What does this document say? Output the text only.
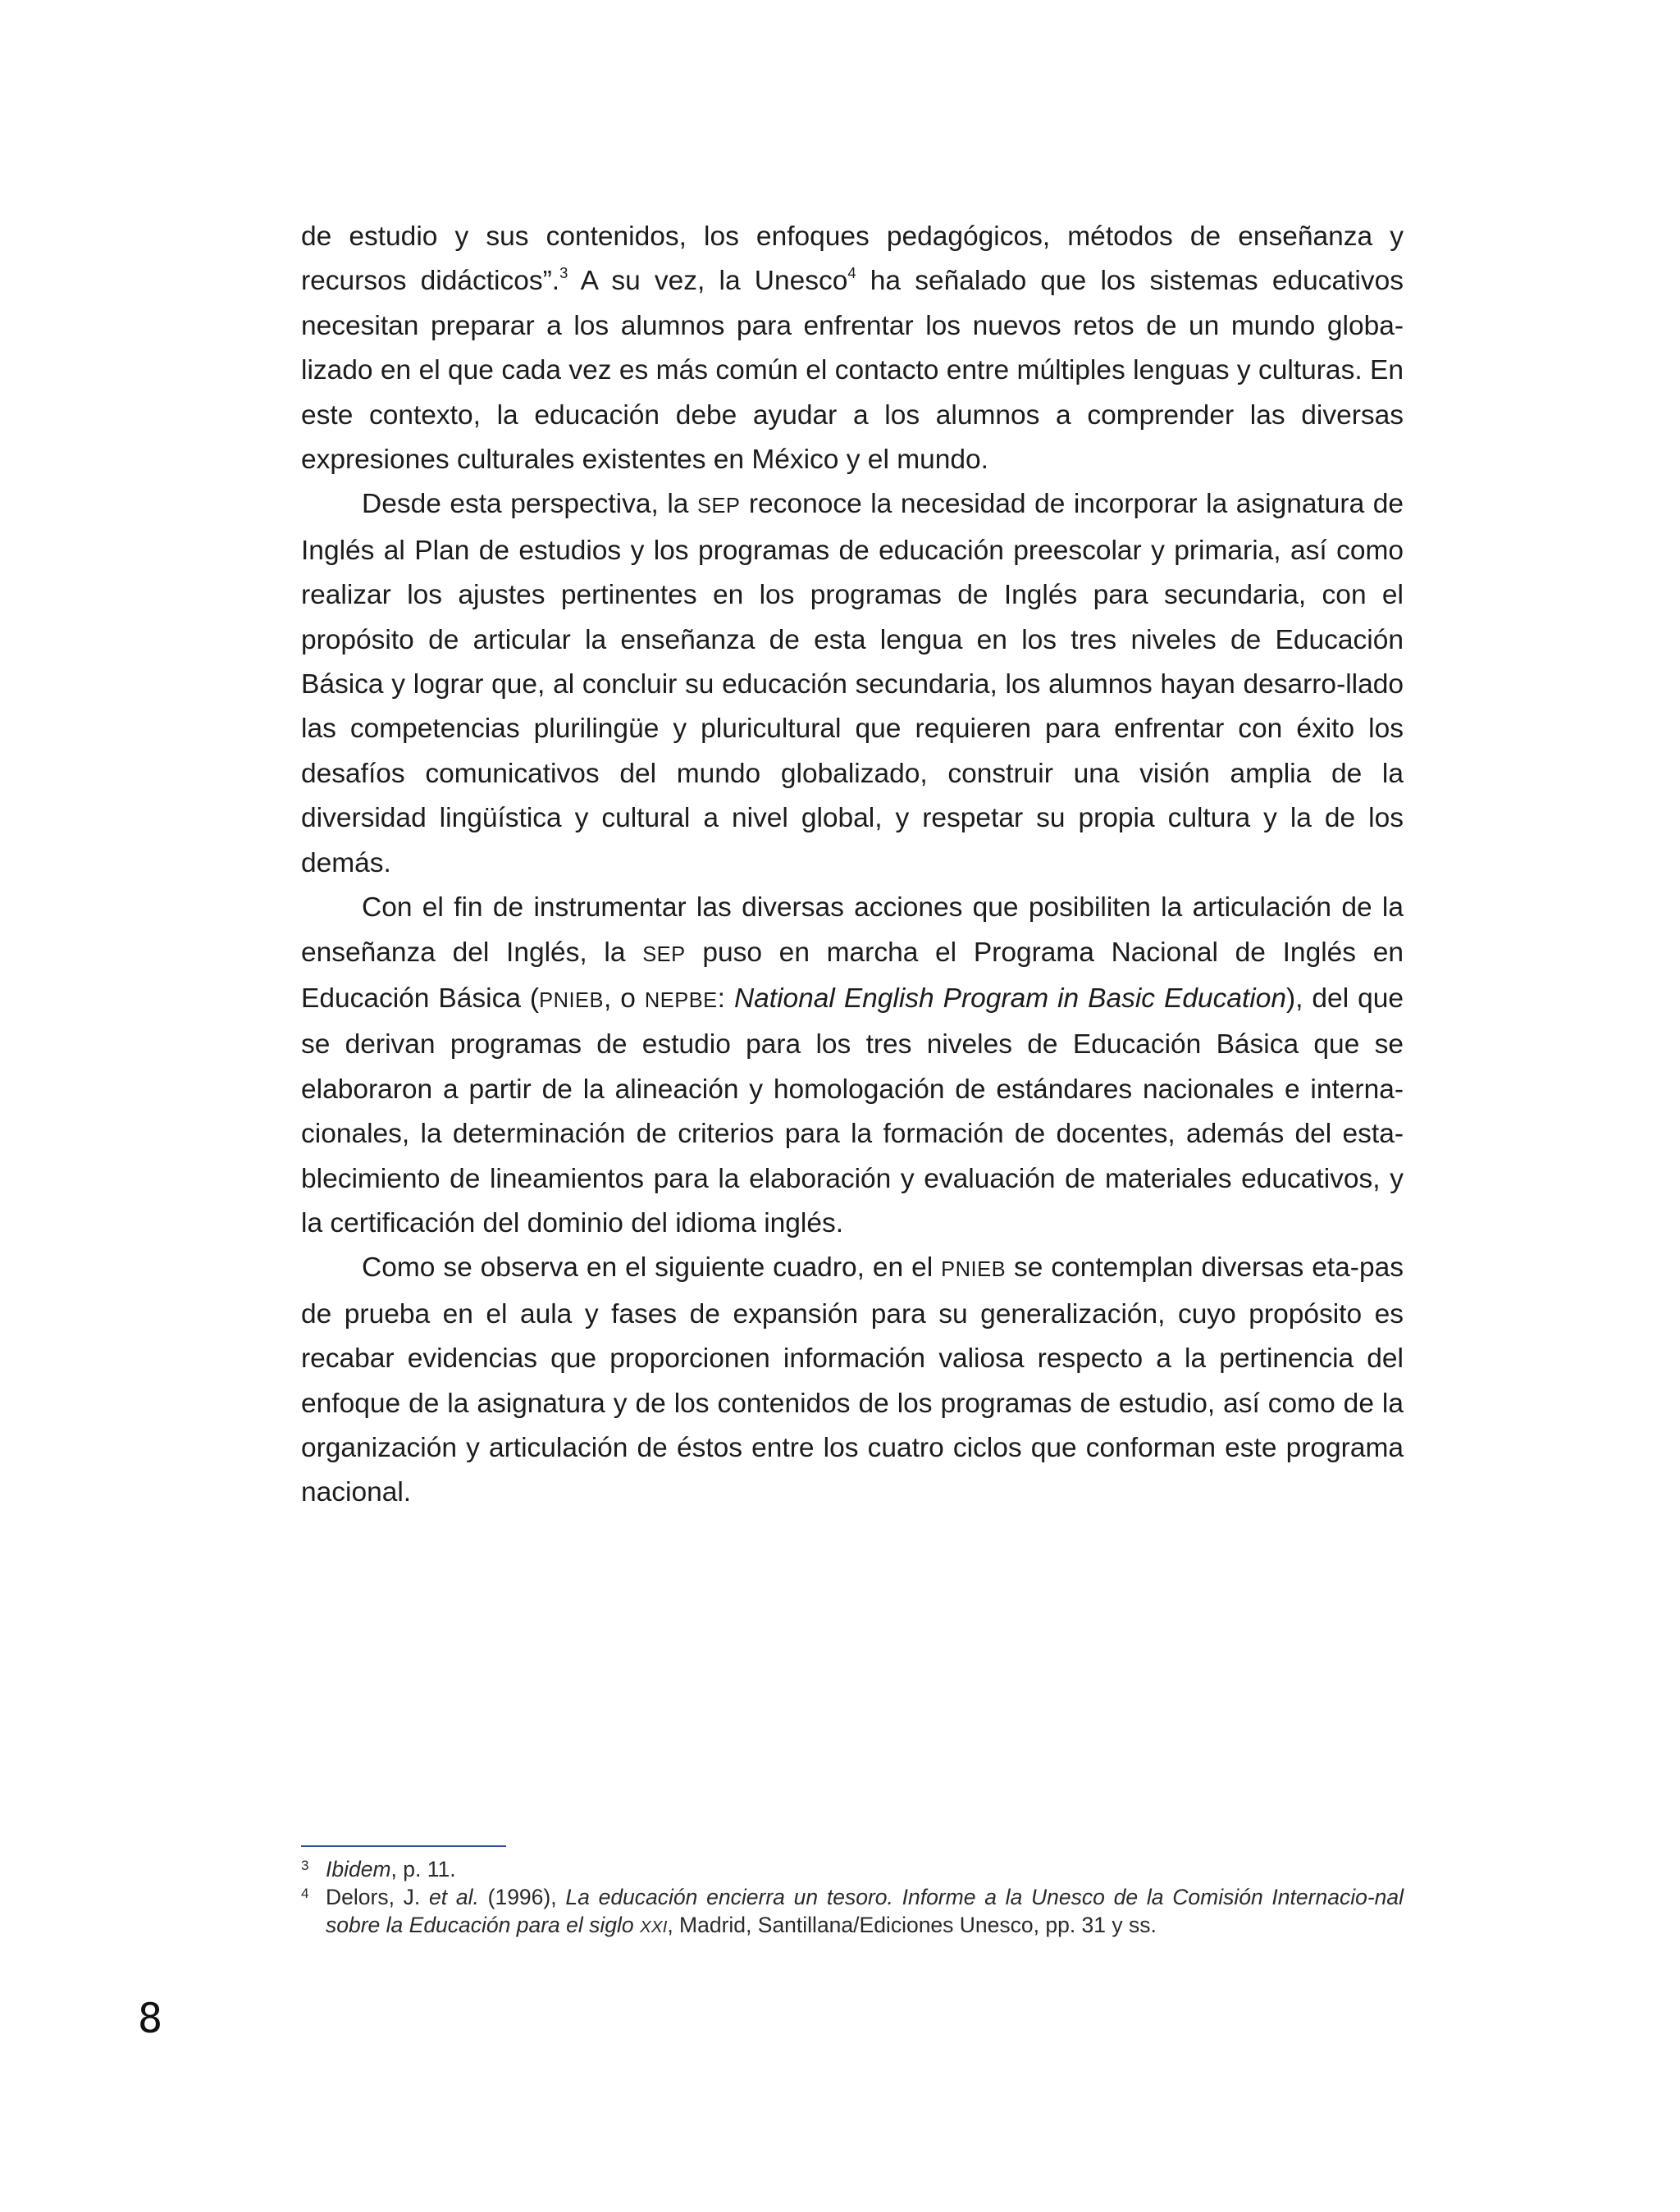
de estudio y sus contenidos, los enfoques pedagógicos, métodos de enseñanza y recursos didácticos”.$^3$ A su vez, la Unesco$^4$ ha señalado que los sistemas educativos necesitan preparar a los alumnos para enfrentar los nuevos retos de un mundo globa-lizado en el que cada vez es más común el contacto entre múltiples lenguas y culturas. En este contexto, la educación debe ayudar a los alumnos a comprender las diversas expresiones culturales existentes en México y el mundo.

Desde esta perspectiva, la SEP reconoce la necesidad de incorporar la asignatura de Inglés al Plan de estudios y los programas de educación preescolar y primaria, así como realizar los ajustes pertinentes en los programas de Inglés para secundaria, con el propósito de articular la enseñanza de esta lengua en los tres niveles de Educación Básica y lograr que, al concluir su educación secundaria, los alumnos hayan desarro-llado las competencias plurilingüe y pluricultural que requieren para enfrentar con éxito los desafíos comunicativos del mundo globalizado, construir una visión amplia de la diversidad lingüística y cultural a nivel global, y respetar su propia cultura y la de los demás.

Con el fin de instrumentar las diversas acciones que posibiliten la articulación de la enseñanza del Inglés, la SEP puso en marcha el Programa Nacional de Inglés en Educación Básica (PNIEB, o NEPBE: National English Program in Basic Education), del que se derivan programas de estudio para los tres niveles de Educación Básica que se elaboraron a partir de la alineación y homologación de estándares nacionales e interna-cionales, la determinación de criterios para la formación de docentes, además del esta-blecimiento de lineamientos para la elaboración y evaluación de materiales educativos, y la certificación del dominio del idioma inglés.

Como se observa en el siguiente cuadro, en el PNIEB se contemplan diversas eta-pas de prueba en el aula y fases de expansión para su generalización, cuyo propósito es recabar evidencias que proporcionen información valiosa respecto a la pertinencia del enfoque de la asignatura y de los contenidos de los programas de estudio, así como de la organización y articulación de éstos entre los cuatro ciclos que conforman este programa nacional.

3 Ibidem, p. 11.
4 Delors, J. et al. (1996), La educación encierra un tesoro. Informe a la Unesco de la Comisión Internacio-nal sobre la Educación para el siglo XXI, Madrid, Santillana/Ediciones Unesco, pp. 31 y ss.
8
